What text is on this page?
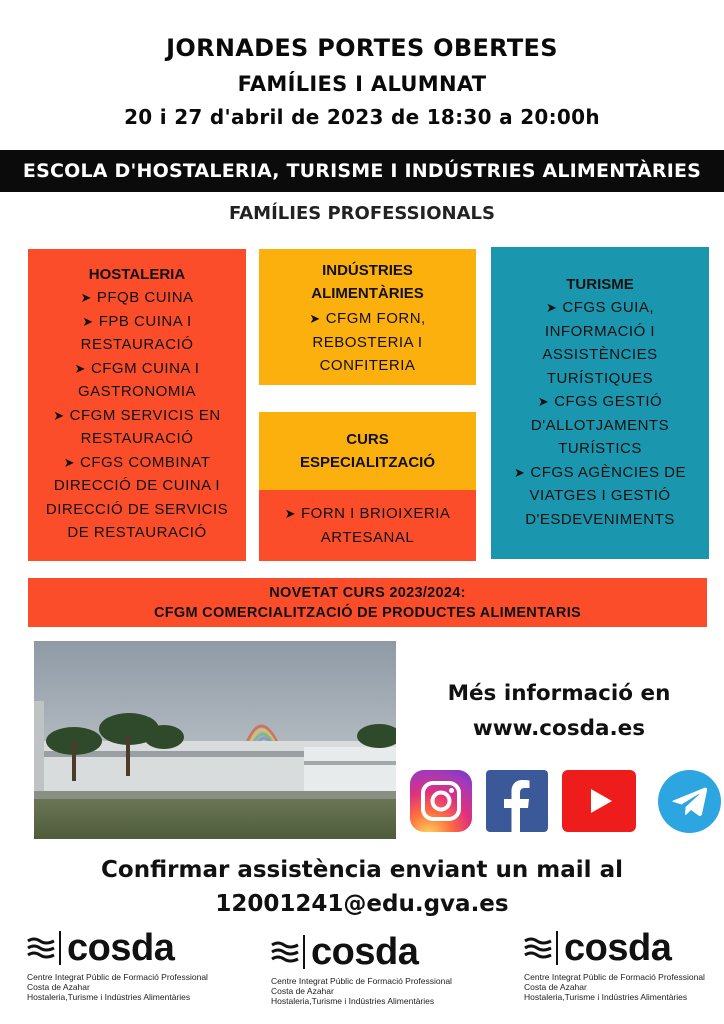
JORNADES PORTES OBERTES
FAMÍLIES I ALUMNAT
20 i 27 d'abril de 2023 de 18:30 a 20:00h
ESCOLA D'HOSTALERIA, TURISME I INDÚSTRIES ALIMENTÀRIES
FAMÍLIES PROFESSIONALS
HOSTALERIA
➤ PFQB CUINA
➤ FPB CUINA I
RESTAURACIÓ
➤ CFGM CUINA I
GASTRONOMIA
➤ CFGM SERVICIS EN
RESTAURACIÓ
➤ CFGS COMBINAT
DIRECCIÓ DE CUINA I
DIRECCIÓ DE SERVICIS
DE RESTAURACIÓ
INDÚSTRIES
ALIMENTÀRIES
➤ CFGM FORN,
REBOSTERIA I
CONFITERIA
CURS
ESPECIALITZACIÓ
➤ FORN I BRIOIXERIA
ARTESANAL
TURISME
➤ CFGS GUIA,
INFORMACIÓ I
ASSISTÈNCIES
TURÍSTIQUES
➤ CFGS GESTIÓ
D'ALLOTJAMENTS
TURÍSTICS
➤ CFGS AGÈNCIES DE
VIATGES I GESTIÓ
D'ESDEVENIMENTS
NOVETAT CURS 2023/2024:
CFGM COMERCIALITZACIÓ DE PRODUCTES ALIMENTARIS
Més informació en
www.cosda.es
Confirmar assistència enviant un mail al
12001241@edu.gva.es
cosda
Centre Integrat Públic de Formació Professional
Costa de Azahar
Hostaleria,Turisme i Indústries Alimentàries
cosda
Centre Integrat Públic de Formació Professional
Costa de Azahar
Hostaleria,Turisme i Indústries Alimentàries
cosda
Centre Integrat Públic de Formació Professional
Costa de Azahar
Hostaleria,Turisme i Indústries Alimentàries
